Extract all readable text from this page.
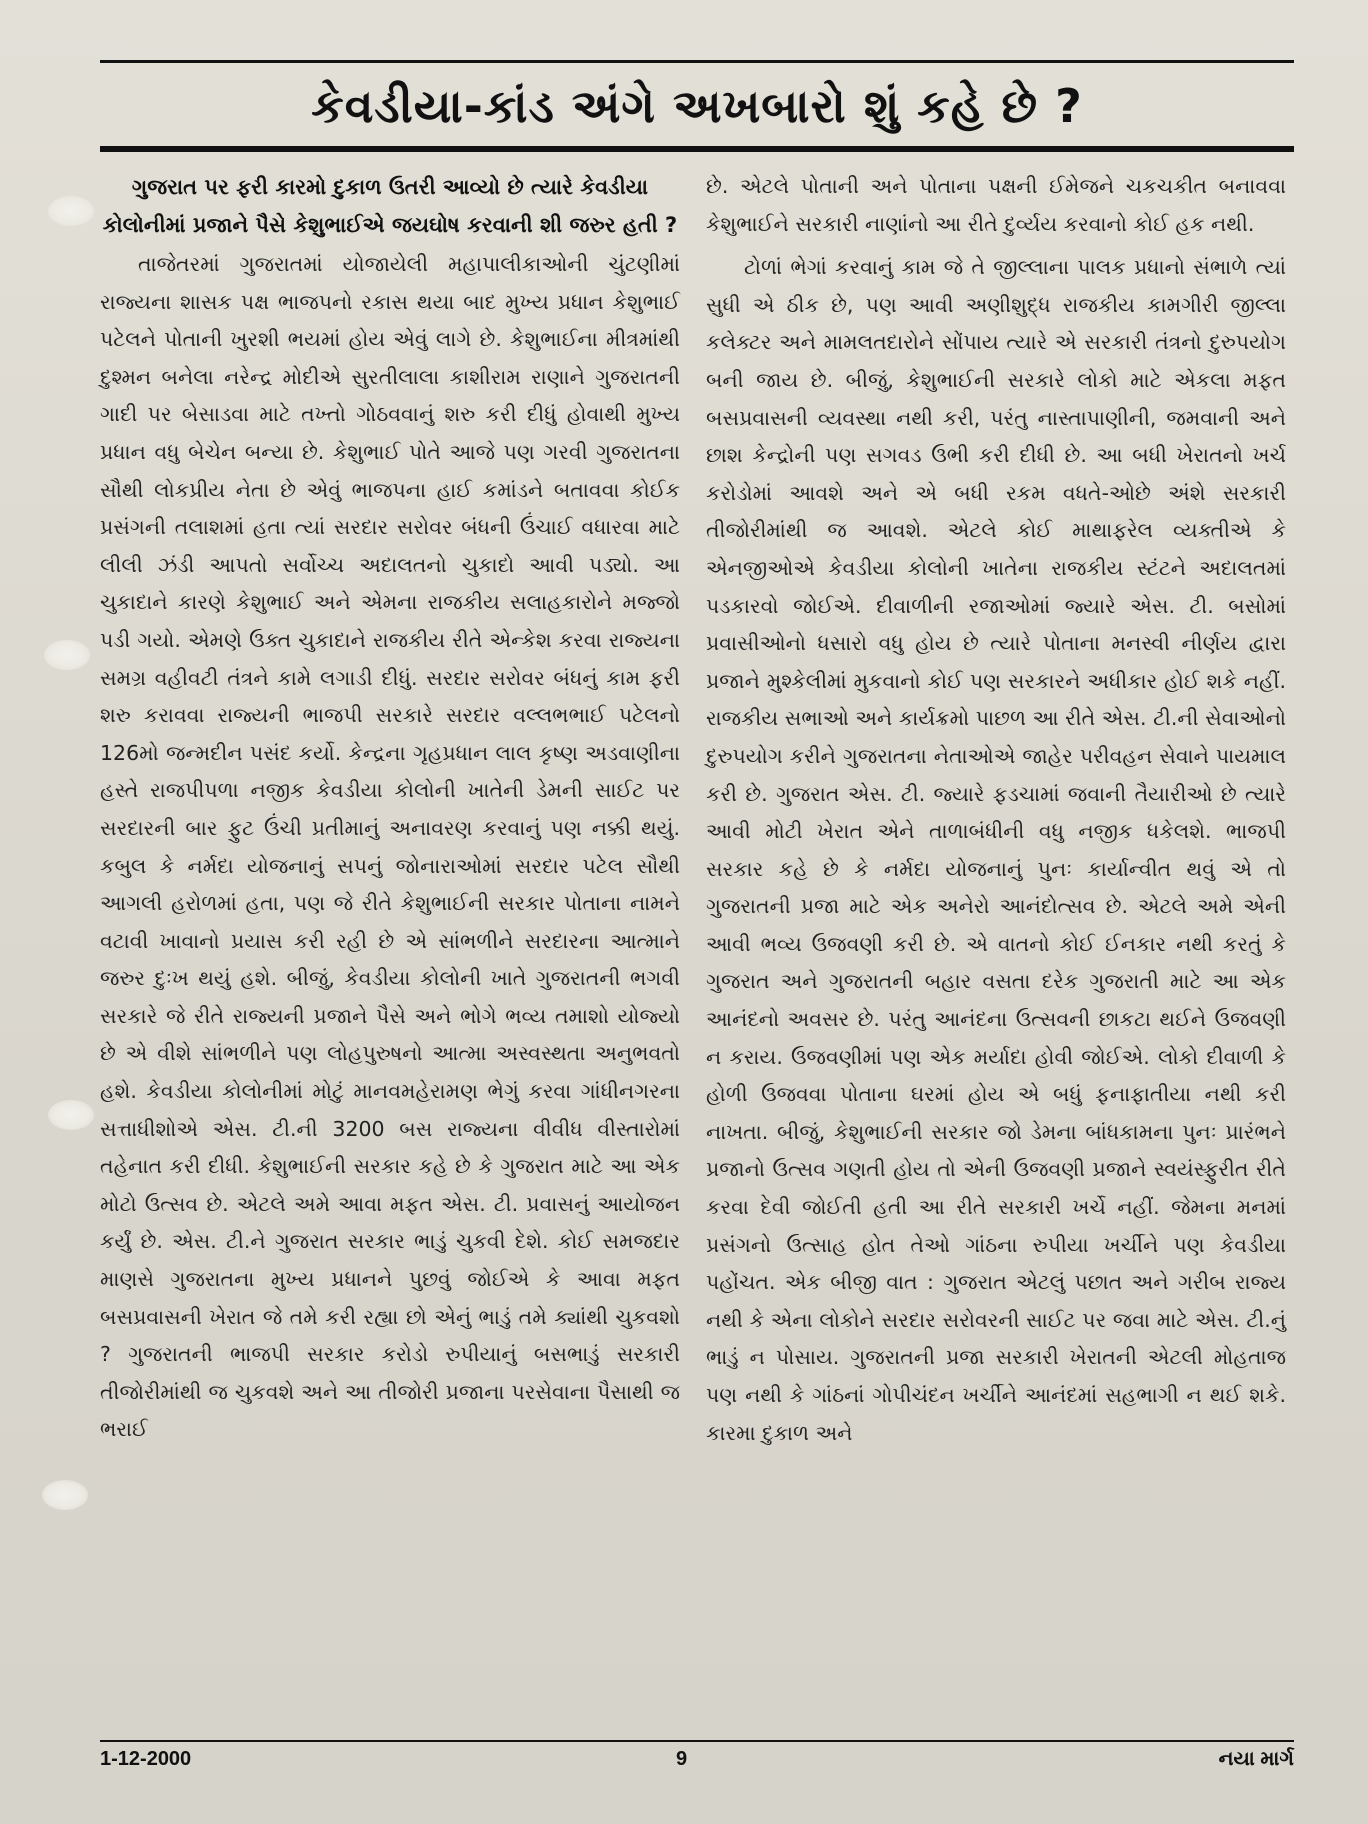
કેવડીયા-કાંડ અંગે અખબારો શું કહે છે ?
ગુજરાત પર ફરી કારમો દુકાળ ઉતરી આવ્યો છે ત્યારે કેવડીયા કોલોનીમાં પ્રજાને પૈસે કેશુભાઈએ જયઘોષ કરવાની શી જરુર હતી ?

તાજેતરમાં ગુજરાતમાં યોજાયેલી મહાપાલીકાઓની ચુંટણીમાં રાજ્યના શાસક પક્ષ ભાજપનો રકાસ થયા બાદ મુખ્ય પ્રધાન કેશુભાઈ પટેલને પોતાની ખુરશી ભયમાં હોય એવું લાગે છે. કેશુભાઈના મીત્રમાંથી દુશ્મન બનેલા નરેન્દ્ર મોદીએ સુરતીલાલા કાશીરામ રાણાને ગુજરાતની ગાદી પર બેસાડવા માટે તખ્તો ગોઠવવાનું શરુ કરી દીધું હોવાથી મુખ્ય પ્રધાન વધુ બેચેન બન્યા છે. કેશુભાઈ પોતે આજે પણ ગરવી ગુજરાતના સૌથી લોકપ્રીય નેતા છે એવું ભાજપના હાઈ કમાંડને બતાવવા કોઈક પ્રસંગની તલાશમાં હતા ત્યાં સરદાર સરોવર બંધની ઉંચાઈ વધારવા માટે લીલી ઝંડી આપતો સર્વોચ્ચ અદાલતનો ચુકાદો આવી પડ્યો. આ ચુકાદાને કારણે કેશુભાઈ અને એમના રાજકીય સલાહકારોને મજ્જો પડી ગયો. એમણે ઉક્ત ચુકાદાને રાજકીય રીતે એન્કેશ કરવા રાજ્યના સમગ્ર વહીવટી તંત્રને કામે લગાડી દીધું. સરદાર સરોવર બંધનું કામ ફરી શરુ કરાવવા રાજ્યની ભાજપી સરકારે સરદાર વલ્લભભાઈ પટેલનો 126મો જન્મદીન પસંદ કર્યો. કેન્દ્રના ગૃહપ્રધાન લાલ કૃષ્ણ અડવાણીના હસ્તે રાજપીપળા નજીક કેવડીયા કોલોની ખાતેની ડેમની સાઈટ પર સરદારની બાર ફુટ ઉંચી પ્રતીમાનું અનાવરણ કરવાનું પણ નક્કી થયું. કબુલ કે નર્મદા યોજનાનું સપનું જોનારાઓમાં સરદાર પટેલ સૌથી આગલી હરોળમાં હતા, પણ જે રીતે કેશુભાઈની સરકાર પોતાના નામને વટાવી ખાવાનો પ્રયાસ કરી રહી છે એ સાંભળીને સરદારના આત્માને જરુર દુઃખ થયું હશે. બીજું, કેવડીયા કોલોની ખાતે ગુજરાતની ભગવી સરકારે જે રીતે રાજ્યની પ્રજાને પૈસે અને ભોગે ભવ્ય તમાશો યોજ્યો છે એ વીશે સાંભળીને પણ લોહપુરુષનો આત્મા અસ્વસ્થતા અનુભવતો હશે. કેવડીયા કોલોનીમાં મોટું માનવમહેરામણ ભેગું કરવા ગાંધીનગરના સત્તાધીશોએ એસ. ટી.ની 3200 બસ રાજ્યના વીવીધ વીસ્તારોમાં તહેનાત કરી દીધી. કેશુભાઈની સરકાર કહે છે કે ગુજરાત માટે આ એક મોટો ઉત્સવ છે. એટલે અમે આવા મફત એસ. ટી. પ્રવાસનું આયોજન કર્યું છે. એસ. ટી.ને ગુજરાત સરકાર ભાડું ચુકવી દેશે. કોઈ સમજદાર માણસે ગુજરાતના મુખ્ય પ્રધાનને પુછવું જોઈએ કે આવા મફત બસપ્રવાસની ખેરાત જે તમે કરી રહ્યા છો એનું ભાડું તમે ક્યાંથી ચુકવશો ? ગુજરાતની ભાજપી સરકાર કરોડો રુપીયાનું બસભાડું સરકારી તીજોરીમાંથી જ ચુકવશે અને આ તીજોરી પ્રજાના પરસેવાના પૈસાથી જ ભરાઈ

છે. એટલે પોતાની અને પોતાના પક્ષની ઈમેજને ચકચકીત બનાવવા કેશુભાઈને સરકારી નાણાંનો આ રીતે દુર્વ્યય કરવાનો કોઈ હક નથી.

ટોળાં ભેગાં કરવાનું કામ જે તે જીલ્લાના પાલક પ્રધાનો સંભાળે ત્યાં સુધી એ ઠીક છે, પણ આવી અણીશુદ્ધ રાજકીય કામગીરી જીલ્લા કલેક્ટર અને મામલતદારોને સોંપાય ત્યારે એ સરકારી તંત્રનો દુરુપયોગ બની જાય છે. બીજું, કેશુભાઈની સરકારે લોકો માટે એકલા મફત બસપ્રવાસની વ્યવસ્થા નથી કરી, પરંતુ નાસ્તાપાણીની, જમવાની અને છાશ કેન્દ્રોની પણ સગવડ ઉભી કરી દીધી છે. આ બધી ખેરાતનો ખર્ચ કરોડોમાં આવશે અને એ બધી રકમ વધતે-ઓછે અંશે સરકારી તીજોરીમાંથી જ આવશે. એટલે કોઈ માથાફરેલ વ્યક્તીએ કે એનજીઓએ કેવડીયા કોલોની ખાતેના રાજકીય સ્ટંટને અદાલતમાં પડકારવો જોઈએ. દીવાળીની રજાઓમાં જ્યારે એસ. ટી. બસોમાં પ્રવાસીઓનો ધસારો વધુ હોય છે ત્યારે પોતાના મનસ્વી નીર્ણય દ્વારા પ્રજાને મુશ્કેલીમાં મુકવાનો કોઈ પણ સરકારને અધીકાર હોઈ શકે નહીં. રાજકીય સભાઓ અને કાર્યક્રમો પાછળ આ રીતે એસ. ટી.ની સેવાઓનો દુરુપયોગ કરીને ગુજરાતના નેતાઓએ જાહેર પરીવહન સેવાને પાયમાલ કરી છે. ગુજરાત એસ. ટી. જ્યારે ફડચામાં જવાની તૈયારીઓ છે ત્યારે આવી મોટી ખેરાત એને તાળાબંધીની વધુ નજીક ધકેલશે. ભાજપી સરકાર કહે છે કે નર્મદા યોજનાનું પુનઃ કાર્યાન્વીત થવું એ તો ગુજરાતની પ્રજા માટે એક અનેરો આનંદોત્સવ છે. એટલે અમે એની આવી ભવ્ય ઉજવણી કરી છે. એ વાતનો કોઈ ઈનકાર નથી કરતું કે ગુજરાત અને ગુજરાતની બહાર વસતા દરેક ગુજરાતી માટે આ એક આનંદનો અવસર છે. પરંતુ આનંદના ઉત્સવની છાકટા થઈને ઉજવણી ન કરાય. ઉજવણીમાં પણ એક મર્યાદા હોવી જોઈએ. લોકો દીવાળી કે હોળી ઉજવવા પોતાના ઘરમાં હોય એ બધું ફનાફાતીયા નથી કરી નાખતા. બીજું, કેશુભાઈની સરકાર જો ડેમના બાંધકામના પુનઃ પ્રારંભને પ્રજાનો ઉત્સવ ગણતી હોય તો એની ઉજવણી પ્રજાને સ્વયંસ્ફુરીત રીતે કરવા દેવી જોઈતી હતી આ રીતે સરકારી ખર્ચે નહીં. જેમના મનમાં પ્રસંગનો ઉત્સાહ હોત તેઓ ગાંઠના રુપીયા ખર્ચીને પણ કેવડીયા પહોંચત. એક બીજી વાત : ગુજરાત એટલું પછાત અને ગરીબ રાજ્ય નથી કે એના લોકોને સરદાર સરોવરની સાઈટ પર જવા માટે એસ. ટી.નું ભાડું ન પોસાય. ગુજરાતની પ્રજા સરકારી ખેરાતની એટલી મોહતાજ પણ નથી કે ગાંઠનાં ગોપીચંદન ખર્ચીને આનંદમાં સહભાગી ન થઈ શકે. કારમા દુકાળ અને

1-12-2000	9	નયા માર્ગ
